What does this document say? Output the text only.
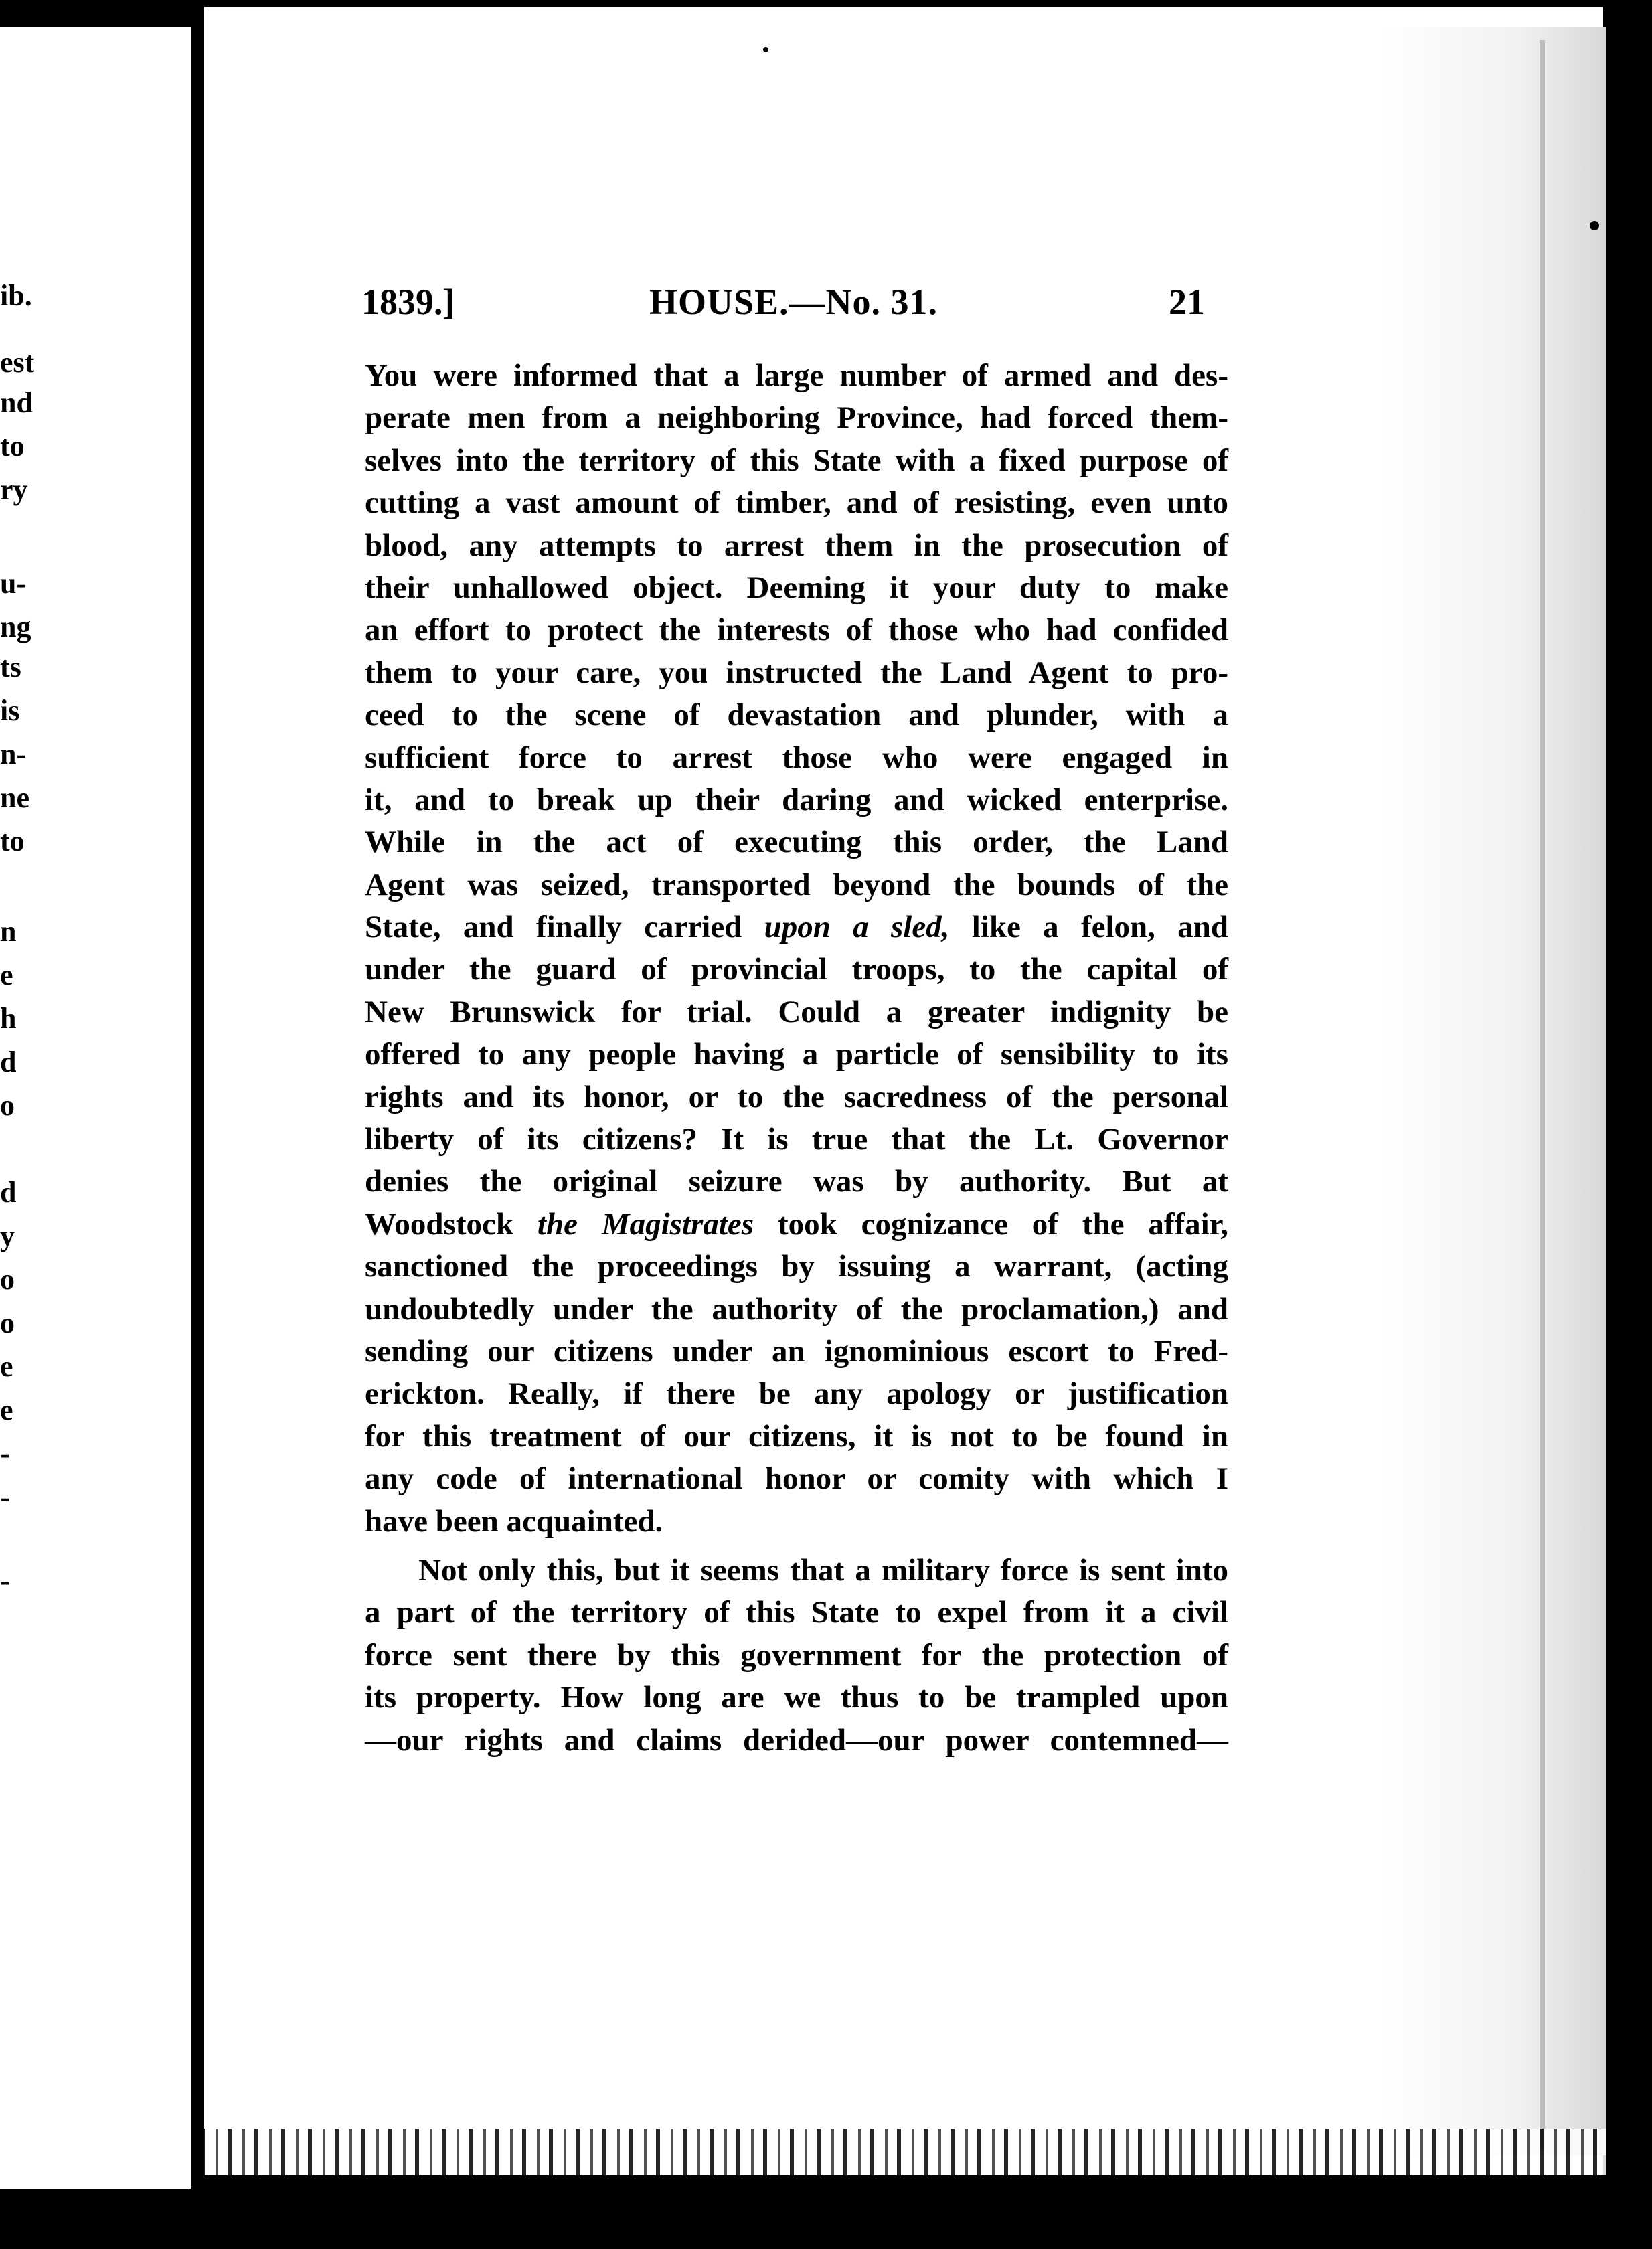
ib.
est
nd
to
ry
u-
ng
ts
is
n-
ne
to
n
e
h
d
o
d
y
o
o
e
e
-
-
-
1839.]	HOUSE.—No. 31.	21
You were informed that a large number of armed and des-
perate men from a neighboring Province, had forced them-
selves into the territory of this State with a fixed purpose of
cutting a vast amount of timber, and of resisting, even unto
blood, any attempts to arrest them in the prosecution of
their unhallowed object. Deeming it your duty to make
an effort to protect the interests of those who had confided
them to your care, you instructed the Land Agent to pro-
ceed to the scene of devastation and plunder, with a
sufficient force to arrest those who were engaged in
it, and to break up their daring and wicked enterprise.
While in the act of executing this order, the Land
Agent was seized, transported beyond the bounds of the
State, and finally carried upon a sled, like a felon, and
under the guard of provincial troops, to the capital of
New Brunswick for trial. Could a greater indignity be
offered to any people having a particle of sensibility to its
rights and its honor, or to the sacredness of the personal
liberty of its citizens? It is true that the Lt. Governor
denies the original seizure was by authority. But at
Woodstock the Magistrates took cognizance of the affair,
sanctioned the proceedings by issuing a warrant, (acting
undoubtedly under the authority of the proclamation,) and
sending our citizens under an ignominious escort to Fred-
erickton. Really, if there be any apology or justification
for this treatment of our citizens, it is not to be found in
any code of international honor or comity with which I
have been acquainted.
Not only this, but it seems that a military force is sent into
a part of the territory of this State to expel from it a civil
force sent there by this government for the protection of
its property. How long are we thus to be trampled upon
—our rights and claims derided—our power contemned—
